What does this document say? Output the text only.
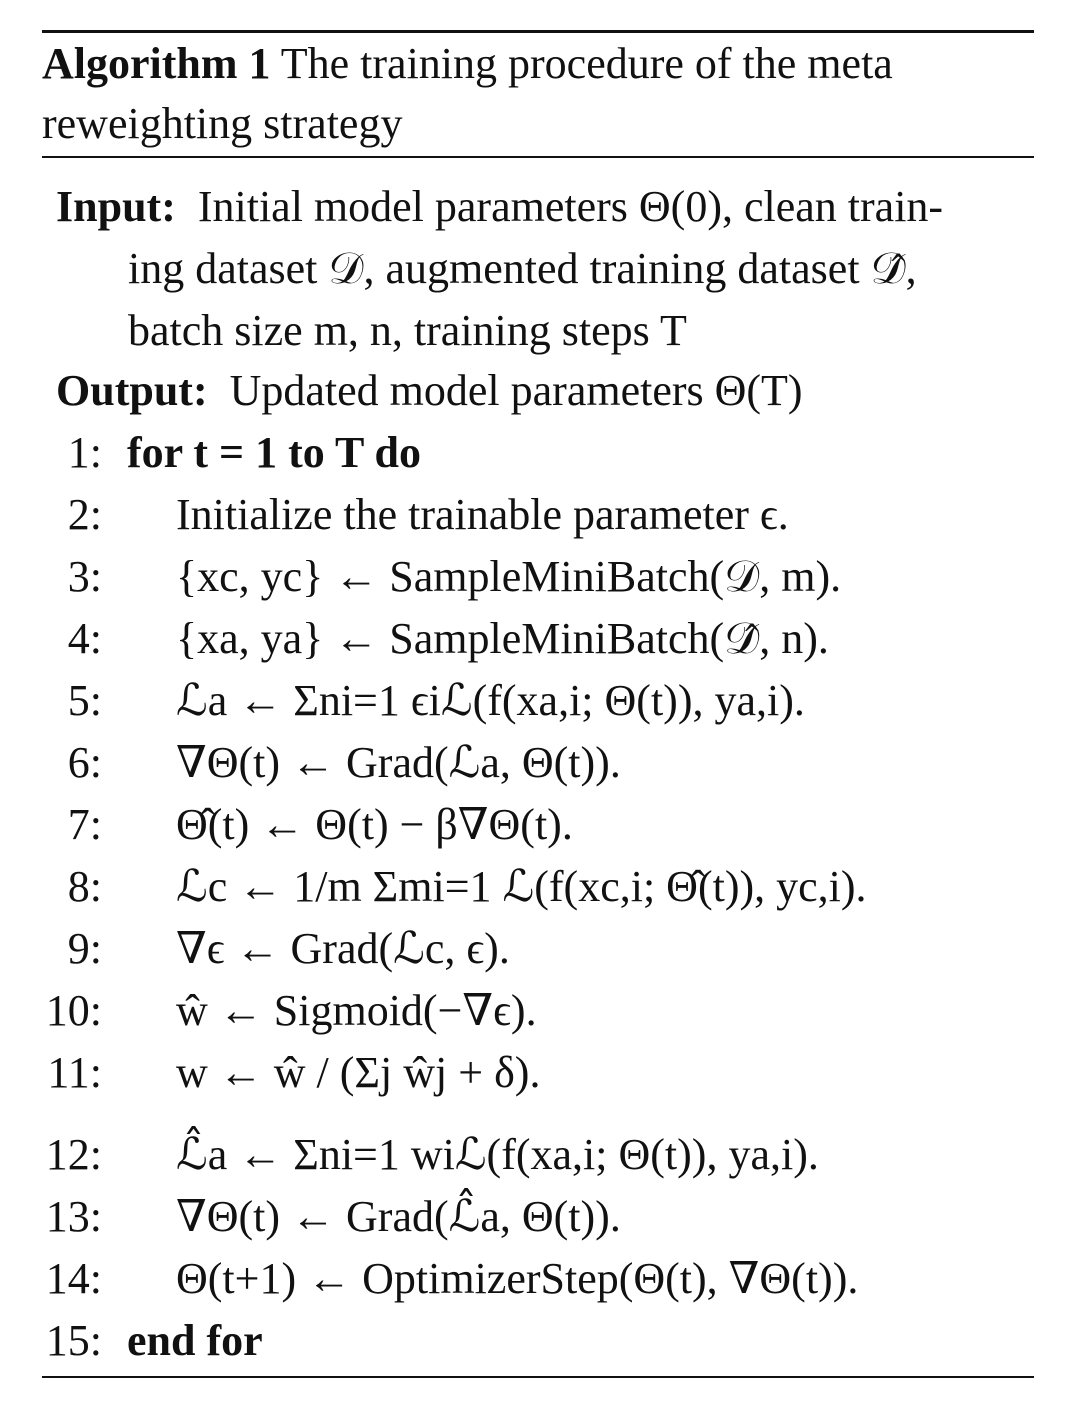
Algorithm 1 The training procedure of the meta reweighting strategy
Input: Initial model parameters Θ(0), clean train-
ing dataset 𝒟, augmented training dataset 𝒟̂,
batch size m, n, training steps T
Output: Updated model parameters Θ(T)
1: for t = 1 to T do
2: Initialize the trainable parameter ϵ.
3: {xc, yc} ← SampleMiniBatch(𝒟, m).
4: {xa, ya} ← SampleMiniBatch(𝒟̂, n).
5: ℒa ← Σni=1 ϵiℒ(f(xa,i; Θ(t)), ya,i).
6: ∇Θ(t) ← Grad(ℒa, Θ(t)).
7: Θ̂(t) ← Θ(t) − β∇Θ(t).
8: ℒc ← 1/m Σmi=1 ℒ(f(xc,i; Θ̂(t)), yc,i).
9: ∇ϵ ← Grad(ℒc, ϵ).
10: ŵ ← Sigmoid(−∇ϵ).
11: w ← ŵ / (Σj ŵj + δ).
12: ℒ̂a ← Σni=1 wiℒ(f(xa,i; Θ(t)), ya,i).
13: ∇Θ(t) ← Grad(ℒ̂a, Θ(t)).
14: Θ(t+1) ← OptimizerStep(Θ(t), ∇Θ(t)).
15: end for
